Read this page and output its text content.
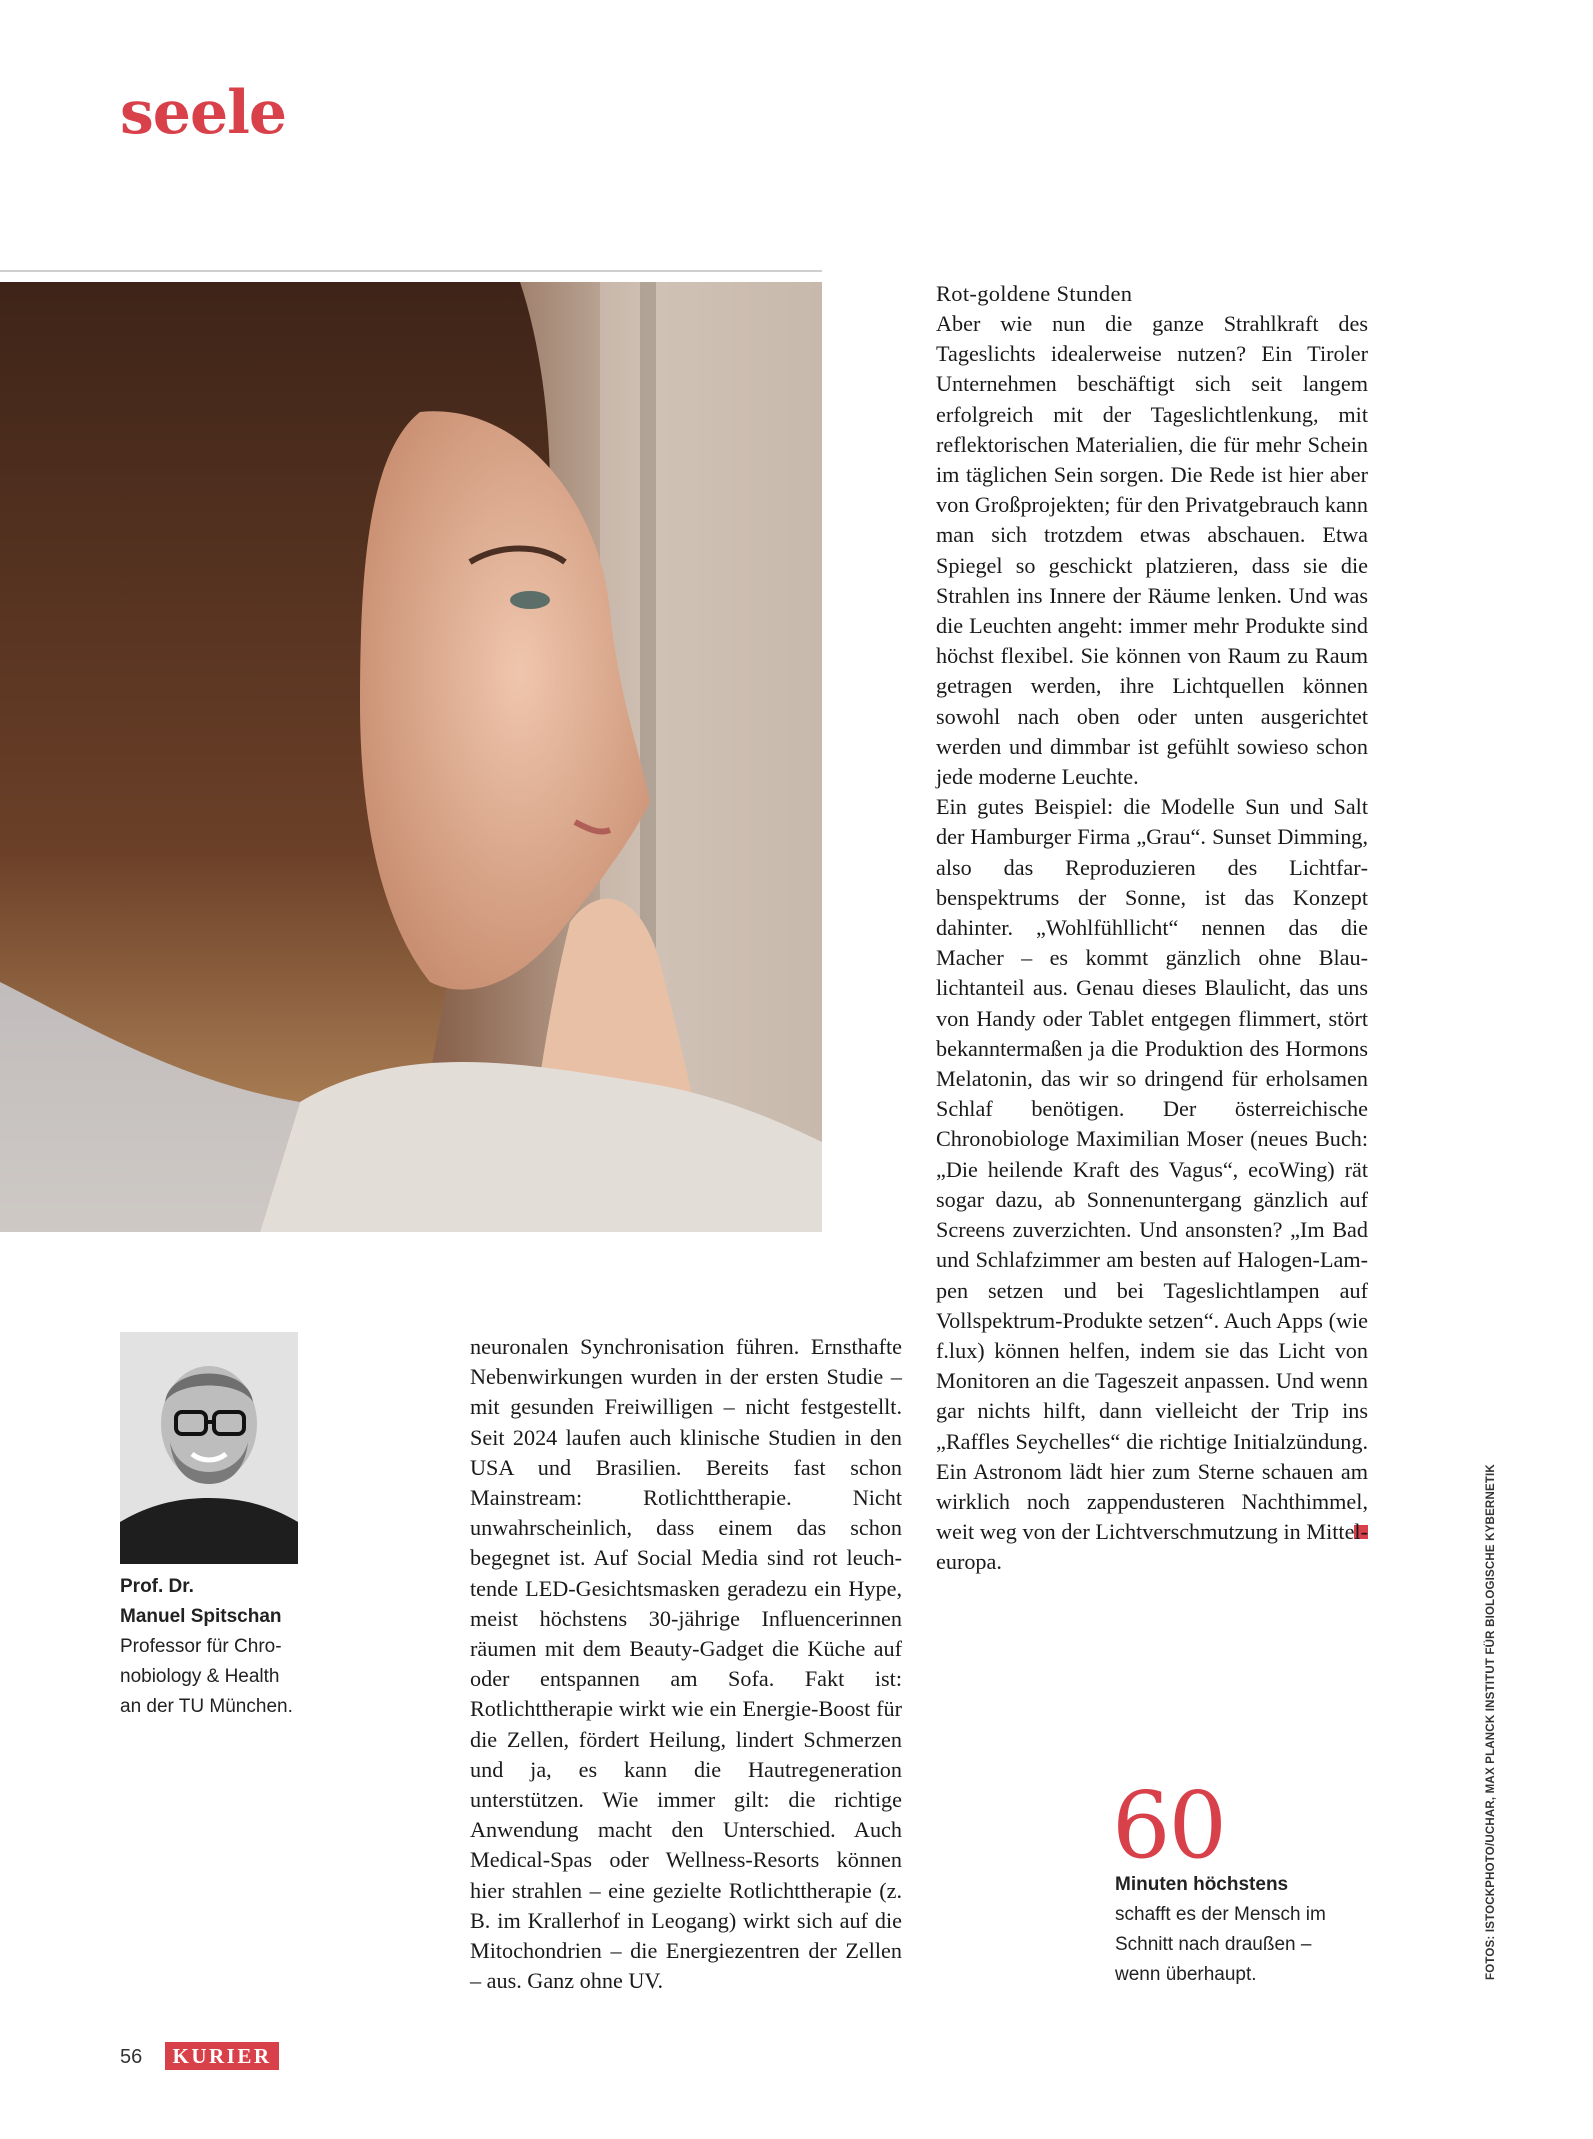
seele
Prof. Dr.
Manuel Spitschan
Professor für Chro-
nobiology & Health
an der TU München.

neuronalen Synchronisation führen. Ernsthafte Nebenwirkungen wurden in der ersten Studie – mit gesunden Freiwilligen – nicht festgestellt. Seit 2024 laufen auch klinische Studien in den USA und Brasilien. Bereits fast schon Mainstream: Rotlichttherapie. Nicht unwahrscheinlich, dass einem das schon begegnet ist. Auf Social Media sind rot leuchtende LED-Gesichtsmasken geradezu ein Hype, meist höchstens 30-jährige Influencerinnen räumen mit dem Beauty-Gadget die Küche auf oder entspannen am Sofa. Fakt ist: Rotlichttherapie wirkt wie ein Energie-Boost für die Zellen, fördert Heilung, lindert Schmerzen und ja, es kann die Hautregeneration unterstützen. Wie immer gilt: die richtige Anwendung macht den Unterschied. Auch Medical-Spas oder Wellness-Resorts können hier strahlen – eine gezielte Rotlichttherapie (z. B. im Krallerhof in Leogang) wirkt sich auf die Mitochondrien – die Energiezentren der Zellen – aus. Ganz ohne UV.

Rot-goldene Stunden

Aber wie nun die ganze Strahlkraft des Tageslichts idealerweise nutzen? Ein Tiroler Unternehmen beschäftigt sich seit langem erfolgreich mit der Tageslichtlenkung, mit reflektorischen Materialien, die für mehr Schein im täglichen Sein sorgen. Die Rede ist hier aber von Großprojekten; für den Privatgebrauch kann man sich trotzdem etwas abschauen. Etwa Spiegel so geschickt platzieren, dass sie die Strahlen ins Innere der Räume lenken. Und was die Leuchten angeht: immer mehr Produkte sind höchst flexibel. Sie können von Raum zu Raum getragen werden, ihre Lichtquellen können sowohl nach oben oder unten ausgerichtet werden und dimmbar ist gefühlt sowieso schon jede moderne Leuchte.

Ein gutes Beispiel: die Modelle Sun und Salt der Hamburger Firma „Grau“. Sunset Dimming, also das Reproduzieren des Lichtfarbenspektrums der Sonne, ist das Konzept dahinter. „Wohlfühllicht“ nennen das die Macher – es kommt gänzlich ohne Blaulichtanteil aus. Genau dieses Blaulicht, das uns von Handy oder Tablet entgegen flimmert, stört bekanntermaßen ja die Produktion des Hormons Melatonin, das wir so dringend für erholsamen Schlaf benötigen. Der österreichische Chronobiologe Maximilian Moser (neues Buch: „Die heilende Kraft des Vagus“, ecoWing) rät sogar dazu, ab Sonnenuntergang gänzlich auf Screens zuverzichten. Und ansonsten? „Im Bad und Schlafzimmer am besten auf Halogen-Lampen setzen und bei Tageslichtlampen auf Vollspektrum-Produkte setzen“. Auch Apps (wie f.lux) können helfen, indem sie das Licht von Monitoren an die Tageszeit anpassen. Und wenn gar nichts hilft, dann vielleicht der Trip ins „Raffles Seychelles“ die richtige Initialzündung. Ein Astronom lädt hier zum Sterne schauen am wirklich noch zappendusteren Nachthimmel, weit weg von der Lichtverschmutzung in Mitteleuropa.

60
Minuten höchstens
schafft es der Mensch im
Schnitt nach draußen –
wenn überhaupt.	FOTOS: ISTOCKPHOTO/UCHAR, MAX PLANCK INSTITUT FÜR BIOLOGISCHE KYBERNETIK
56	KURIER
